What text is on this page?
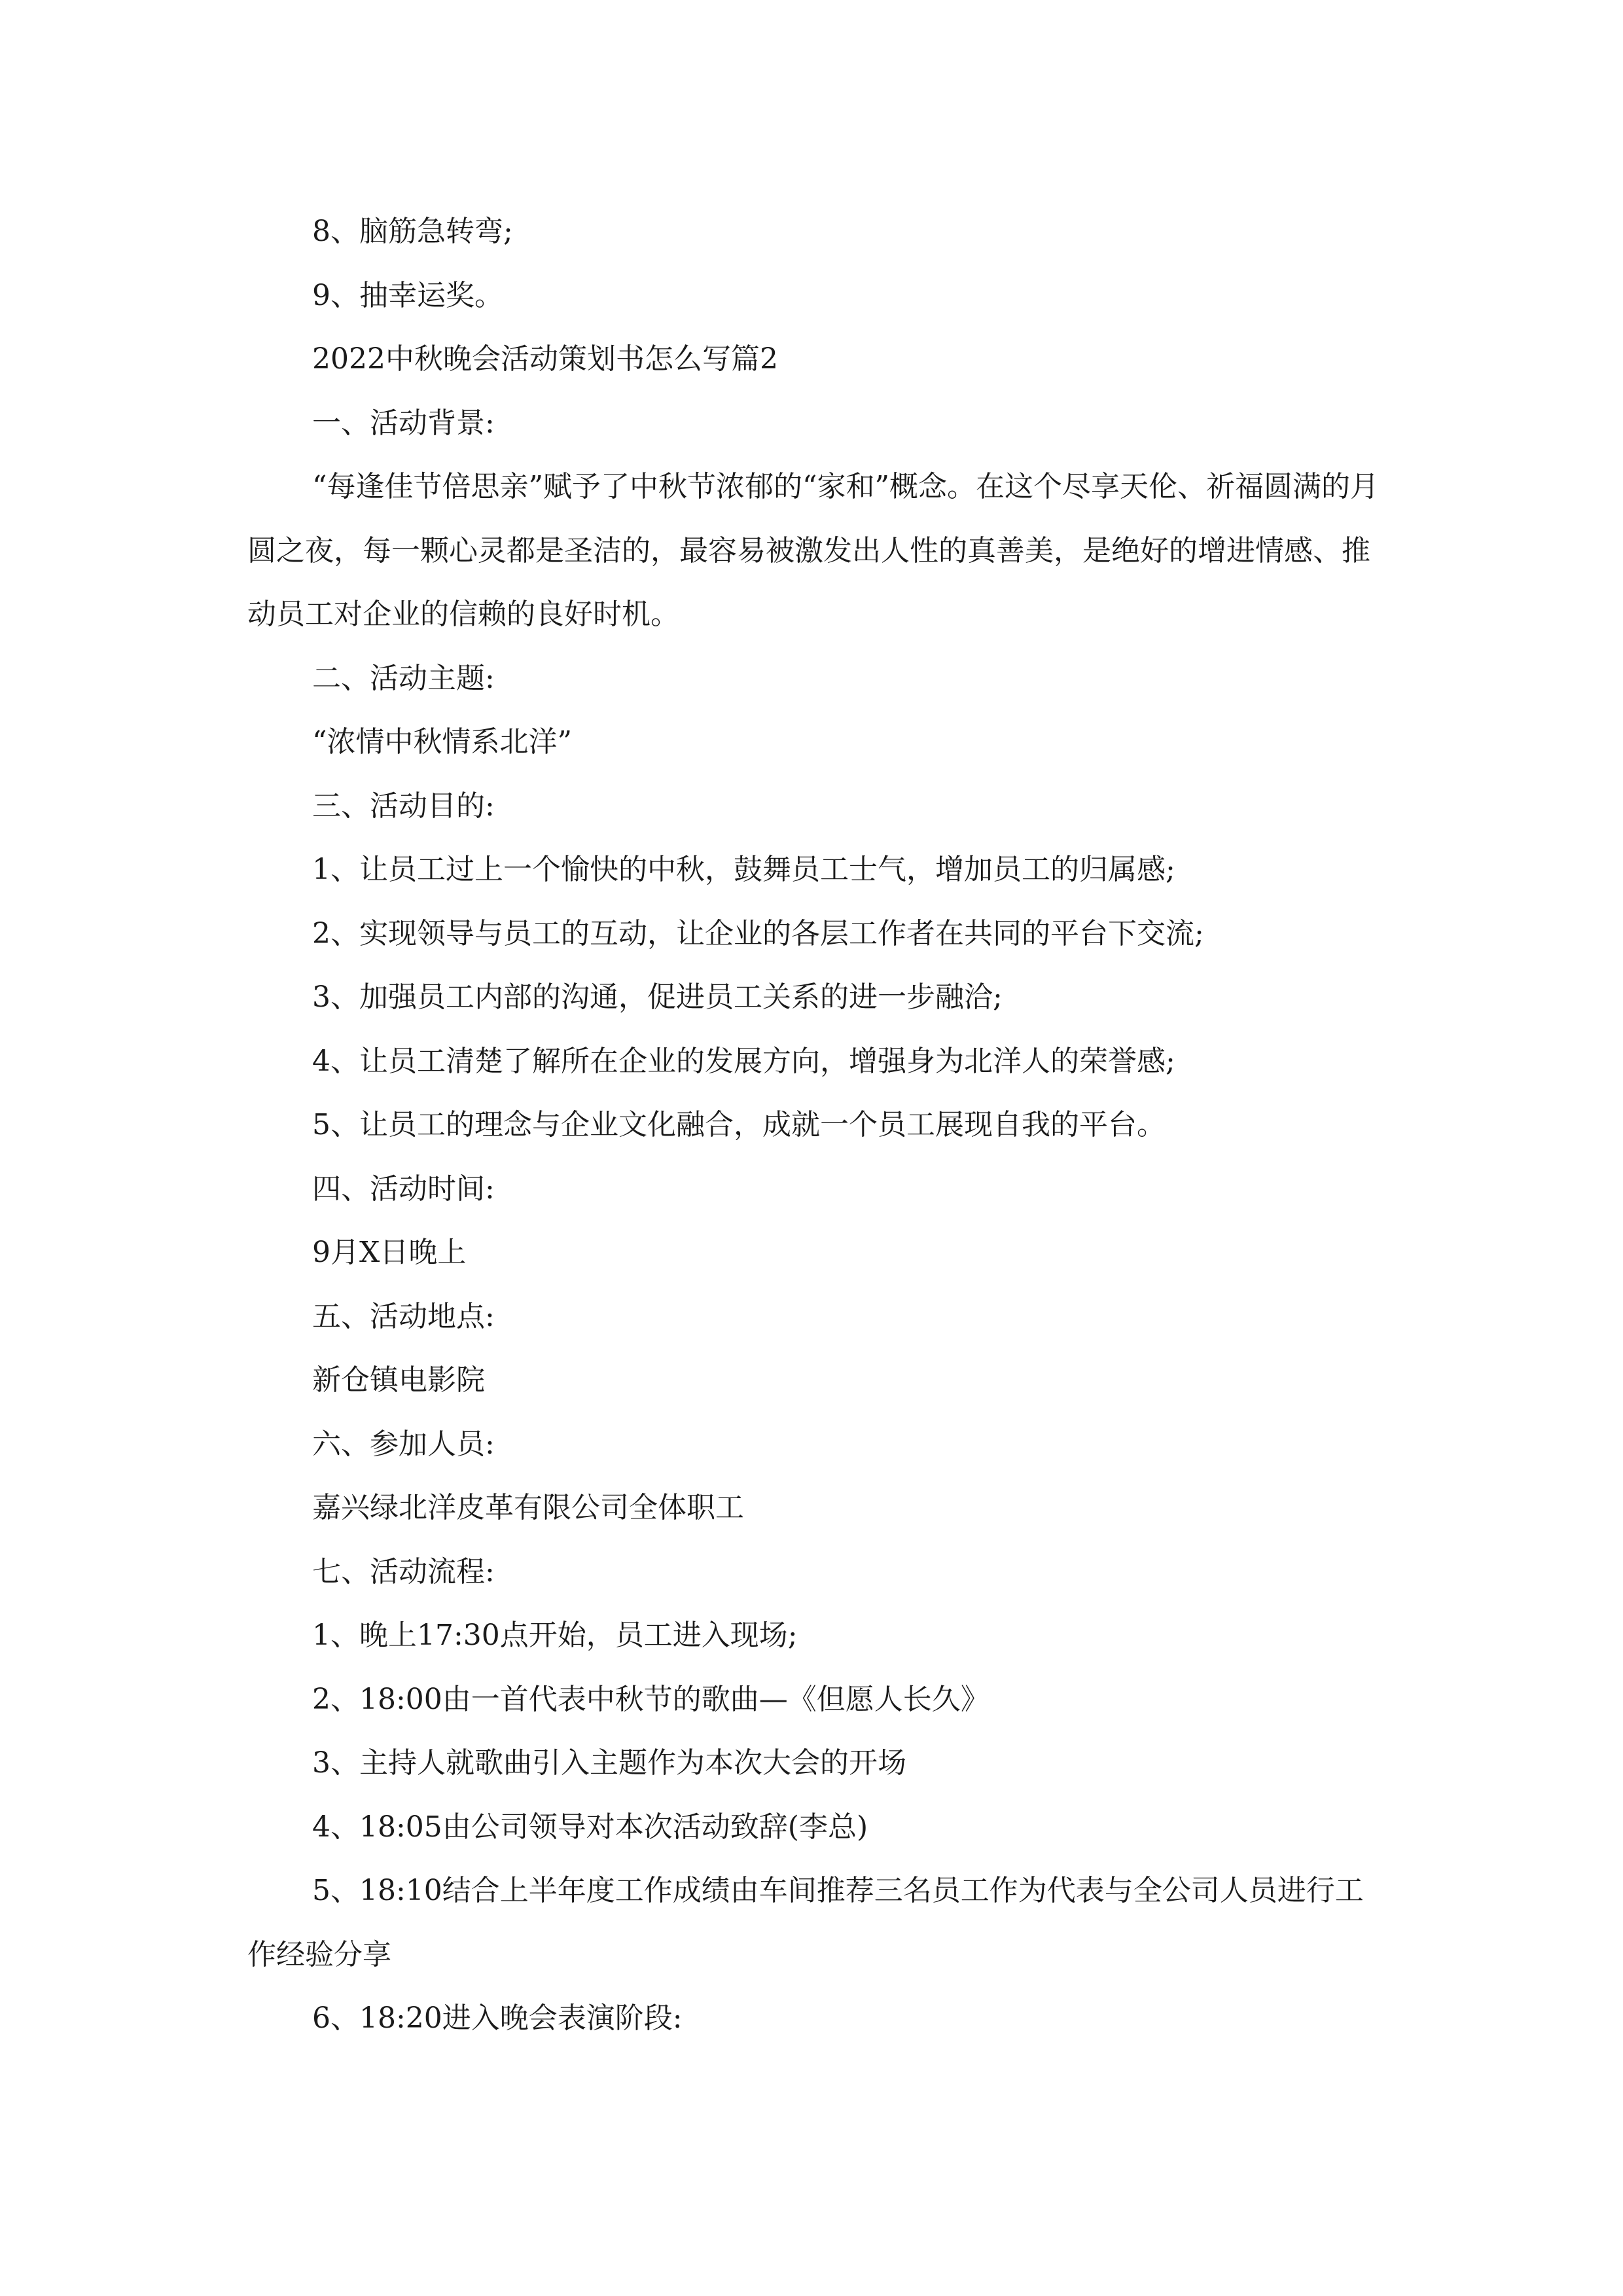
8、脑筋急转弯;

9、抽幸运奖。

2022中秋晚会活动策划书怎么写篇2

一、活动背景:

“每逢佳节倍思亲”赋予了中秋节浓郁的“家和”概念。在这个尽享天伦、祈福圆满的月圆之夜，每一颗心灵都是圣洁的，最容易被激发出人性的真善美，是绝好的增进情感、推动员工对企业的信赖的良好时机。

二、活动主题:

“浓情中秋情系北洋”

三、活动目的:

1、让员工过上一个愉快的中秋，鼓舞员工士气，增加员工的归属感;

2、实现领导与员工的互动，让企业的各层工作者在共同的平台下交流;

3、加强员工内部的沟通，促进员工关系的进一步融洽;

4、让员工清楚了解所在企业的发展方向，增强身为北洋人的荣誉感;

5、让员工的理念与企业文化融合，成就一个员工展现自我的平台。

四、活动时间:

9月X日晚上

五、活动地点:

新仓镇电影院

六、参加人员:

嘉兴绿北洋皮革有限公司全体职工

七、活动流程:

1、晚上17:30点开始，员工进入现场;

2、18:00由一首代表中秋节的歌曲—《但愿人长久》

3、主持人就歌曲引入主题作为本次大会的开场

4、18:05由公司领导对本次活动致辞(李总)

5、18:10结合上半年度工作成绩由车间推荐三名员工作为代表与全公司人员进行工作经验分享

6、18:20进入晚会表演阶段:
